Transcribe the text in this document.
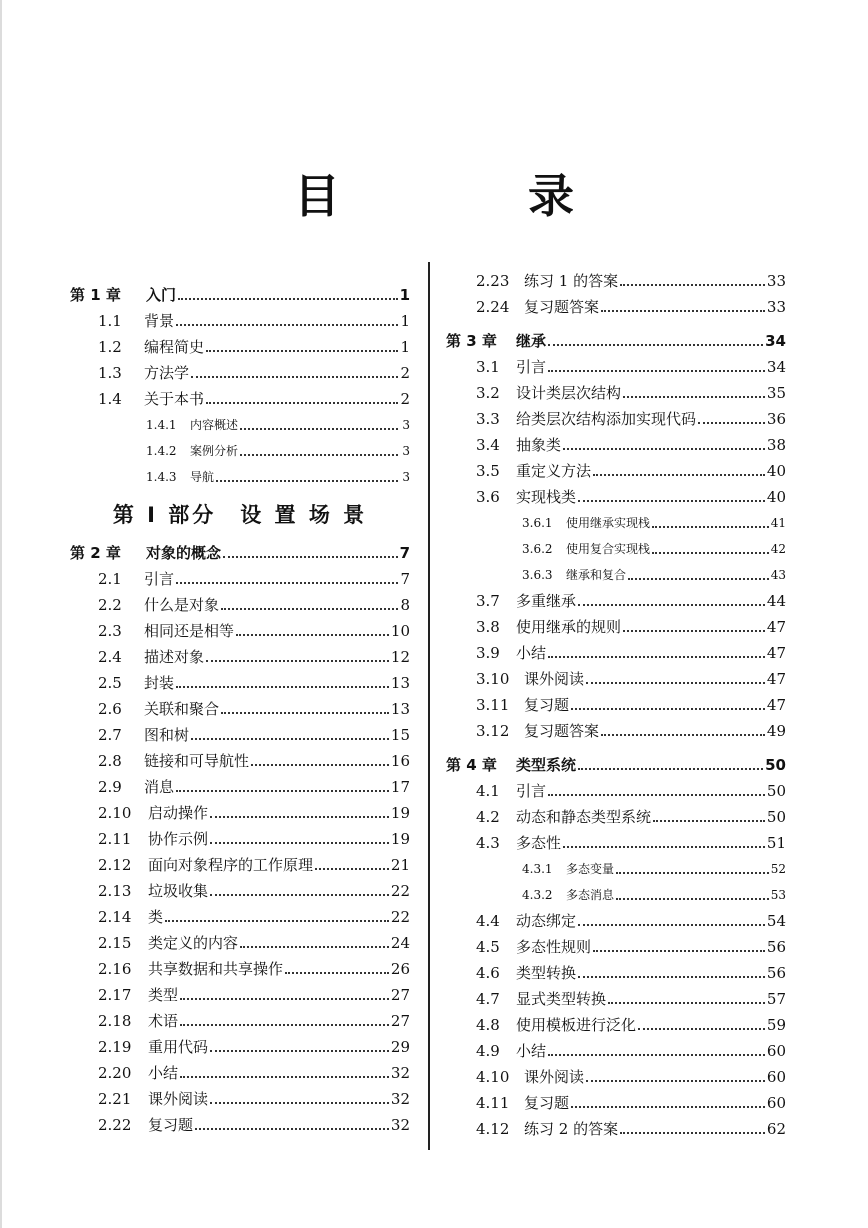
目 录
第 1 章	入门	1
1.1	背景	1
1.2	编程简史	1
1.3	方法学	2
1.4	关于本书	2
1.4.1	内容概述	3
1.4.2	案例分析	3
1.4.3	导航	3
第 I 部分　设 置 场 景
第 2 章	对象的概念	7
2.1	引言	7
2.2	什么是对象	8
2.3	相同还是相等	10
2.4	描述对象	12
2.5	封装	13
2.6	关联和聚合	13
2.7	图和树	15
2.8	链接和可导航性	16
2.9	消息	17
2.10	启动操作	19
2.11	协作示例	19
2.12	面向对象程序的工作原理	21
2.13	垃圾收集	22
2.14	类	22
2.15	类定义的内容	24
2.16	共享数据和共享操作	26
2.17	类型	27
2.18	术语	27
2.19	重用代码	29
2.20	小结	32
2.21	课外阅读	32
2.22	复习题	32
2.23 练习 1 的答案	33
2.24 复习题答案	33
第 3 章	继承	34
3.1	引言	34
3.2	设计类层次结构	35
3.3	给类层次结构添加实现代码	36
3.4	抽象类	38
3.5	重定义方法	40
3.6	实现栈类	40
3.6.1	使用继承实现栈	41
3.6.2	使用复合实现栈	42
3.6.3	继承和复合	43
3.7	多重继承	44
3.8	使用继承的规则	47
3.9	小结	47
3.10 课外阅读	47
3.11 复习题	47
3.12 复习题答案	49
第 4 章	类型系统	50
4.1	引言	50
4.2	动态和静态类型系统	50
4.3	多态性	51
4.3.1	多态变量	52
4.3.2	多态消息	53
4.4	动态绑定	54
4.5	多态性规则	56
4.6	类型转换	56
4.7	显式类型转换	57
4.8	使用模板进行泛化	59
4.9	小结	60
4.10 课外阅读	60
4.11 复习题	60
4.12 练习 2 的答案	62
